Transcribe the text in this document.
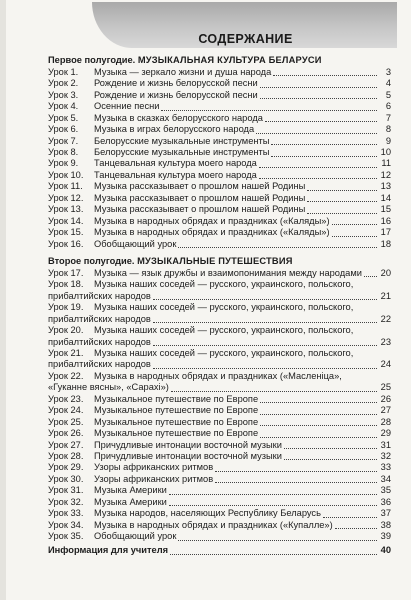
СОДЕРЖАНИЕ
Первое полугодие. МУЗЫКАЛЬНАЯ КУЛЬТУРА БЕЛАРУСИ
Урок 1.	Музыка — зеркало жизни и душа народа	3
Урок 2.	Рождение и жизнь белорусской песни	4
Урок 3.	Рождение и жизнь белорусской песни	5
Урок 4.	Осенние песни	6
Урок 5.	Музыка в сказках белорусского народа	7
Урок 6.	Музыка в играх белорусского народа	8
Урок 7.	Белорусские музыкальные инструменты	9
Урок 8.	Белорусские музыкальные инструменты	10
Урок 9.	Танцевальная культура моего народа	11
Урок 10.	Танцевальная культура моего народа	12
Урок 11.	Музыка рассказывает о прошлом нашей Родины	13
Урок 12.	Музыка рассказывает о прошлом нашей Родины	14
Урок 13.	Музыка рассказывает о прошлом нашей Родины	15
Урок 14.	Музыка в народных обрядах и праздниках («Каляды»)	16
Урок 15.	Музыка в народных обрядах и праздниках («Каляды»)	17
Урок 16.	Обобщающий урок	18
Второе полугодие. МУЗЫКАЛЬНЫЕ ПУТЕШЕСТВИЯ
Урок 17.	Музыка — язык дружбы и взаимопонимания между народами 20
Урок 18.	Музыка наших соседей — русского, украинского, польского,
прибалтийских народов	21
Урок 19.	Музыка наших соседей — русского, украинского, польского,
прибалтийских народов	22
Урок 20.	Музыка наших соседей — русского, украинского, польского,
прибалтийских народов	23
Урок 21.	Музыка наших соседей — русского, украинского, польского,
прибалтийских народов	24
Урок 22.	Музыка в народных обрядах и праздниках («Масленіца»,
«Гуканне вясны», «Сарахі»)	25
Урок 23.	Музыкальное путешествие по Европе	26
Урок 24.	Музыкальное путешествие по Европе	27
Урок 25.	Музыкальное путешествие по Европе	28
Урок 26.	Музыкальное путешествие по Европе	29
Урок 27.	Причудливые интонации восточной музыки	31
Урок 28.	Причудливые интонации восточной музыки	32
Урок 29.	Узоры африканских ритмов	33
Урок 30.	Узоры африканских ритмов	34
Урок 31.	Музыка Америки	35
Урок 32.	Музыка Америки	36
Урок 33.	Музыка народов, населяющих Республику Беларусь	37
Урок 34.	Музыка в народных обрядах и праздниках («Купалле»)	38
Урок 35.	Обобщающий урок	39
Информация для учителя	40
